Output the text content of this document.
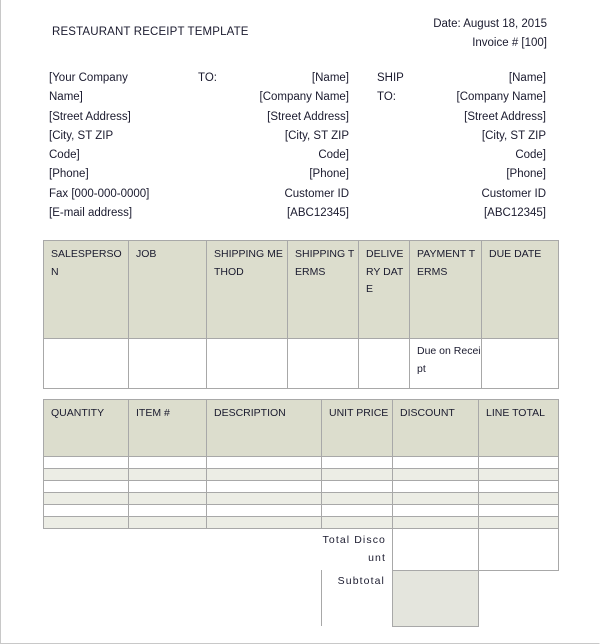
RESTAURANT RECEIPT TEMPLATE
Date: August 18, 2015
Invoice # [100]
[Your Company
Name]
[Street Address]
[City, ST ZIP
Code]
[Phone]
Fax [000-000-0000]
[E-mail address]
TO:	[Name]
[Company Name]
[Street Address]
[City, ST ZIP
Code]
[Phone]
Customer ID
[ABC12345]
SHIP
TO:
[Name]
[Company Name]
[Street Address]
[City, ST ZIP
Code]
[Phone]
Customer ID
[ABC12345]
SALESPERSON	JOB	SHIPPING METHOD	SHIPPING TERMS	DELIVERY DATE	PAYMENT TERMS	DUE DATE
					Due on Receipt	
QUANTITY	ITEM #	DESCRIPTION	UNIT PRICE	DISCOUNT	LINE TOTAL

			Total Discount		
			Subtotal		
